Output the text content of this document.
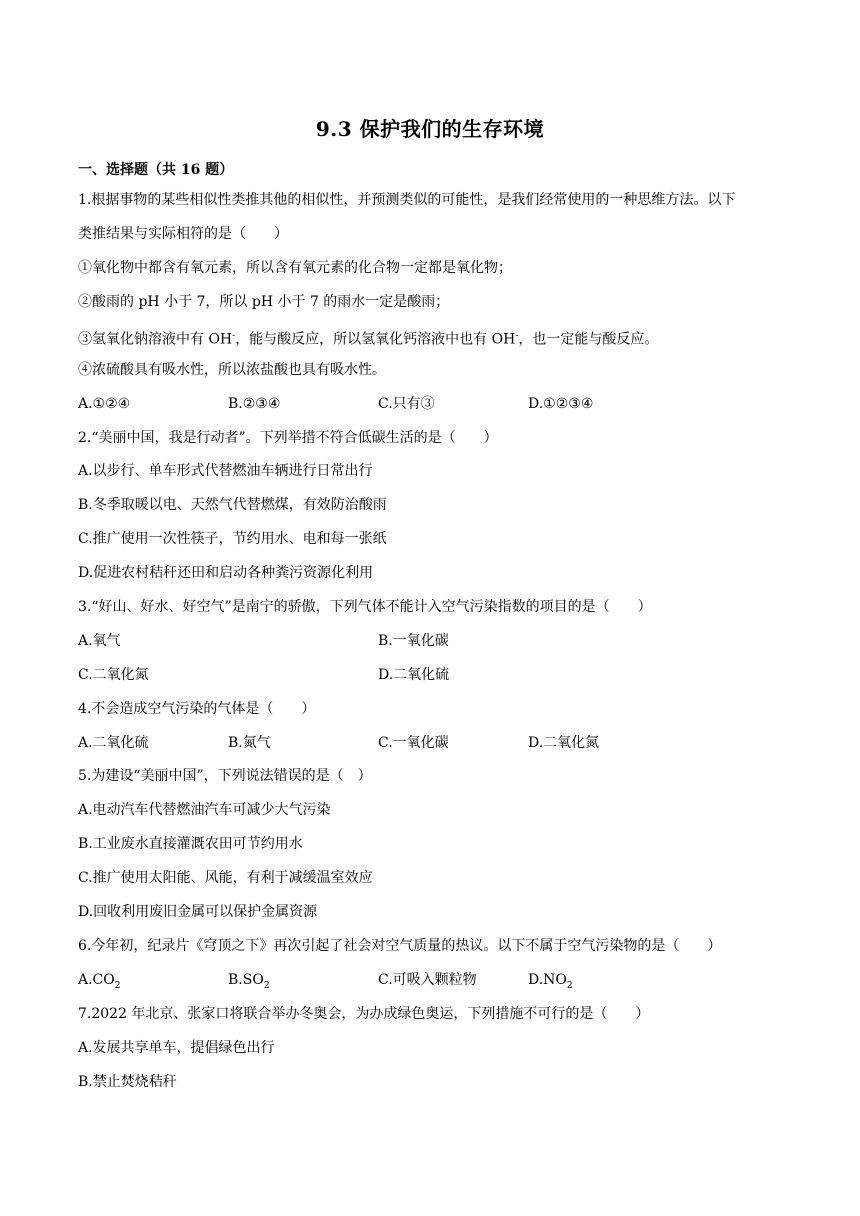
9.3 保护我们的生存环境
一、选择题（共 16 题）
1.根据事物的某些相似性类推其他的相似性，并预测类似的可能性，是我们经常使用的一种思维方法。以下
类推结果与实际相符的是（　　）
①氧化物中都含有氧元素，所以含有氧元素的化合物一定都是氧化物；
②酸雨的 pH 小于 7，所以 pH 小于 7 的雨水一定是酸雨；
③氢氧化钠溶液中有 OH-，能与酸反应，所以氢氧化钙溶液中也有 OH-，也一定能与酸反应。
④浓硫酸具有吸水性，所以浓盐酸也具有吸水性。
A.①②④	B.②③④	C.只有③	D.①②③④
2.“美丽中国，我是行动者”。下列举措不符合低碳生活的是（　　）
A.以步行、单车形式代替燃油车辆进行日常出行
B.冬季取暖以电、天然气代替燃煤，有效防治酸雨
C.推广使用一次性筷子，节约用水、电和每一张纸
D.促进农村秸秆还田和启动各种粪污资源化利用
3.“好山、好水、好空气”是南宁的骄傲，下列气体不能计入空气污染指数的项目的是（　　）
A.氧气	B.一氧化碳
C.二氧化氮	D.二氧化硫
4.不会造成空气污染的气体是（　　）
A.二氧化硫	B.氮气	C.一氧化碳	D.二氧化氮
5.为建设“美丽中国”，下列说法错误的是（　）
A.电动汽车代替燃油汽车可减少大气污染
B.工业废水直接灌溉农田可节约用水
C.推广使用太阳能、风能，有利于减缓温室效应
D.回收利用废旧金属可以保护金属资源
6.今年初，纪录片《穹顶之下》再次引起了社会对空气质量的热议。以下不属于空气污染物的是（　　）
$A.CO_2$	$B.SO_2$	C.可吸入颗粒物	$D.NO_2$
7.2022 年北京、张家口将联合举办冬奥会，为办成绿色奥运，下列措施不可行的是（　　）
A.发展共享单车，提倡绿色出行
B.禁止焚烧秸秆
